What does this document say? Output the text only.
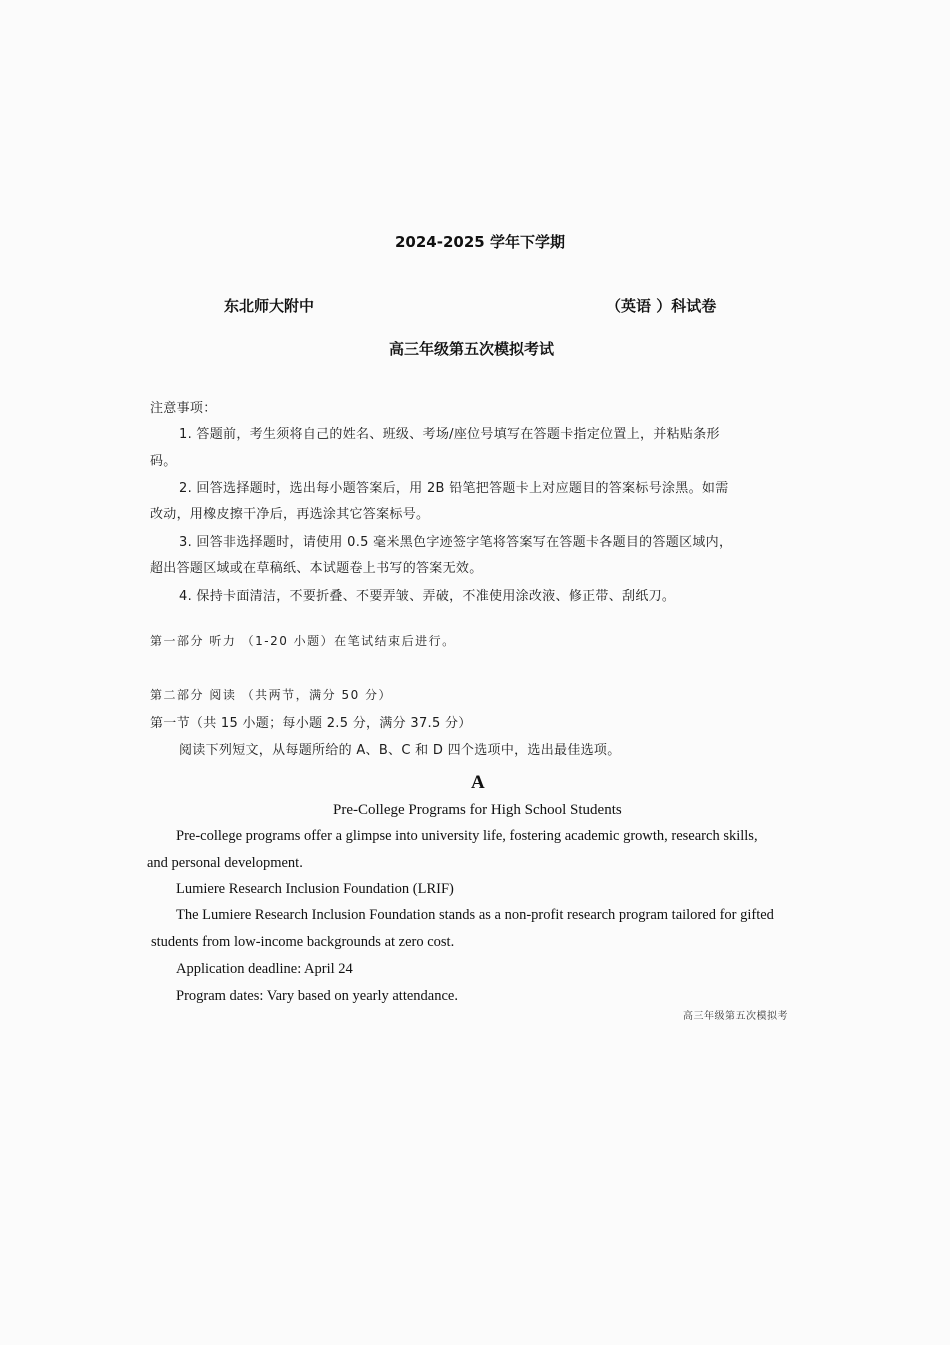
2024-2025 学年下学期
东北师大附中	（英语 ）科试卷
高三年级第五次模拟考试
注意事项：
1. 答题前，考生须将自己的姓名、班级、考场/座位号填写在答题卡指定位置上，并粘贴条形
码。
2. 回答选择题时，选出每小题答案后，用 2B 铅笔把答题卡上对应题目的答案标号涂黑。如需
改动，用橡皮擦干净后，再选涂其它答案标号。
3. 回答非选择题时，请使用 0.5 毫米黑色字迹签字笔将答案写在答题卡各题目的答题区域内，
超出答题区域或在草稿纸、本试题卷上书写的答案无效。
4. 保持卡面清洁，不要折叠、不要弄皱、弄破，不准使用涂改液、修正带、刮纸刀。
第一部分 听力 （1-20 小题）在笔试结束后进行。
第二部分 阅读 （共两节，满分 50 分）
第一节（共 15 小题；每小题 2.5 分，满分 37.5 分）
阅读下列短文，从每题所给的 A、B、C 和 D 四个选项中，选出最佳选项。
A
Pre-College Programs for High School Students
Pre-college programs offer a glimpse into university life, fostering academic growth, research skills,
and personal development.
Lumiere Research Inclusion Foundation (LRIF)
The Lumiere Research Inclusion Foundation stands as a non-profit research program tailored for gifted
students from low-income backgrounds at zero cost.
Application deadline: April 24
Program dates: Vary based on yearly attendance.
高三年级第五次模拟考
